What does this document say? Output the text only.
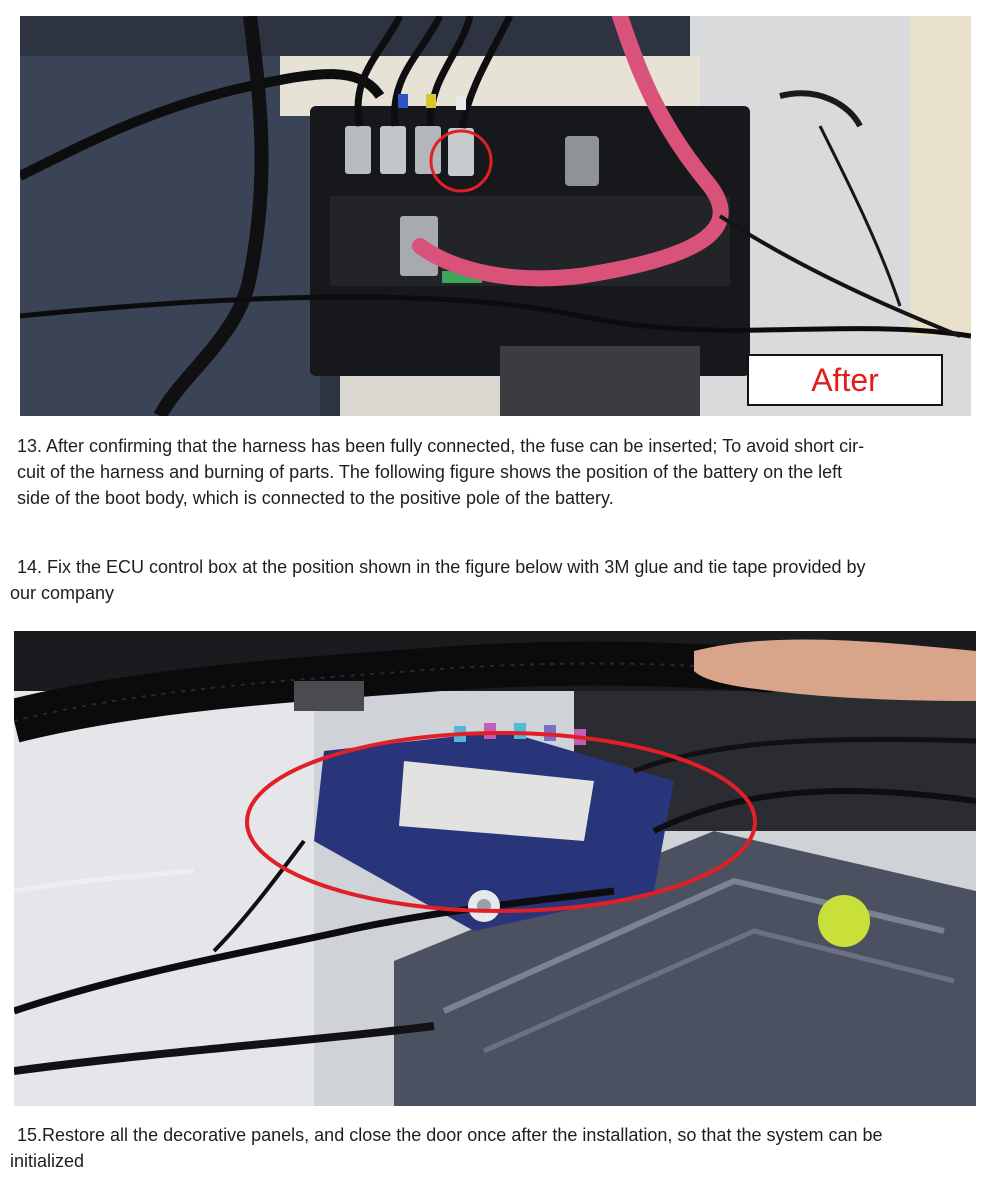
After

13. After confirming that the harness has been fully connected, the fuse can be inserted; To avoid short cir-
cuit of the harness and burning of parts. The following figure shows the position of the battery on the left
side of the boot body, which is connected to the positive pole of the battery.

14. Fix the ECU control box at the position shown in the figure below with 3M glue and tie tape provided by
our company

15.Restore all the decorative panels, and close the door once after the installation, so that the system can be
initialized
